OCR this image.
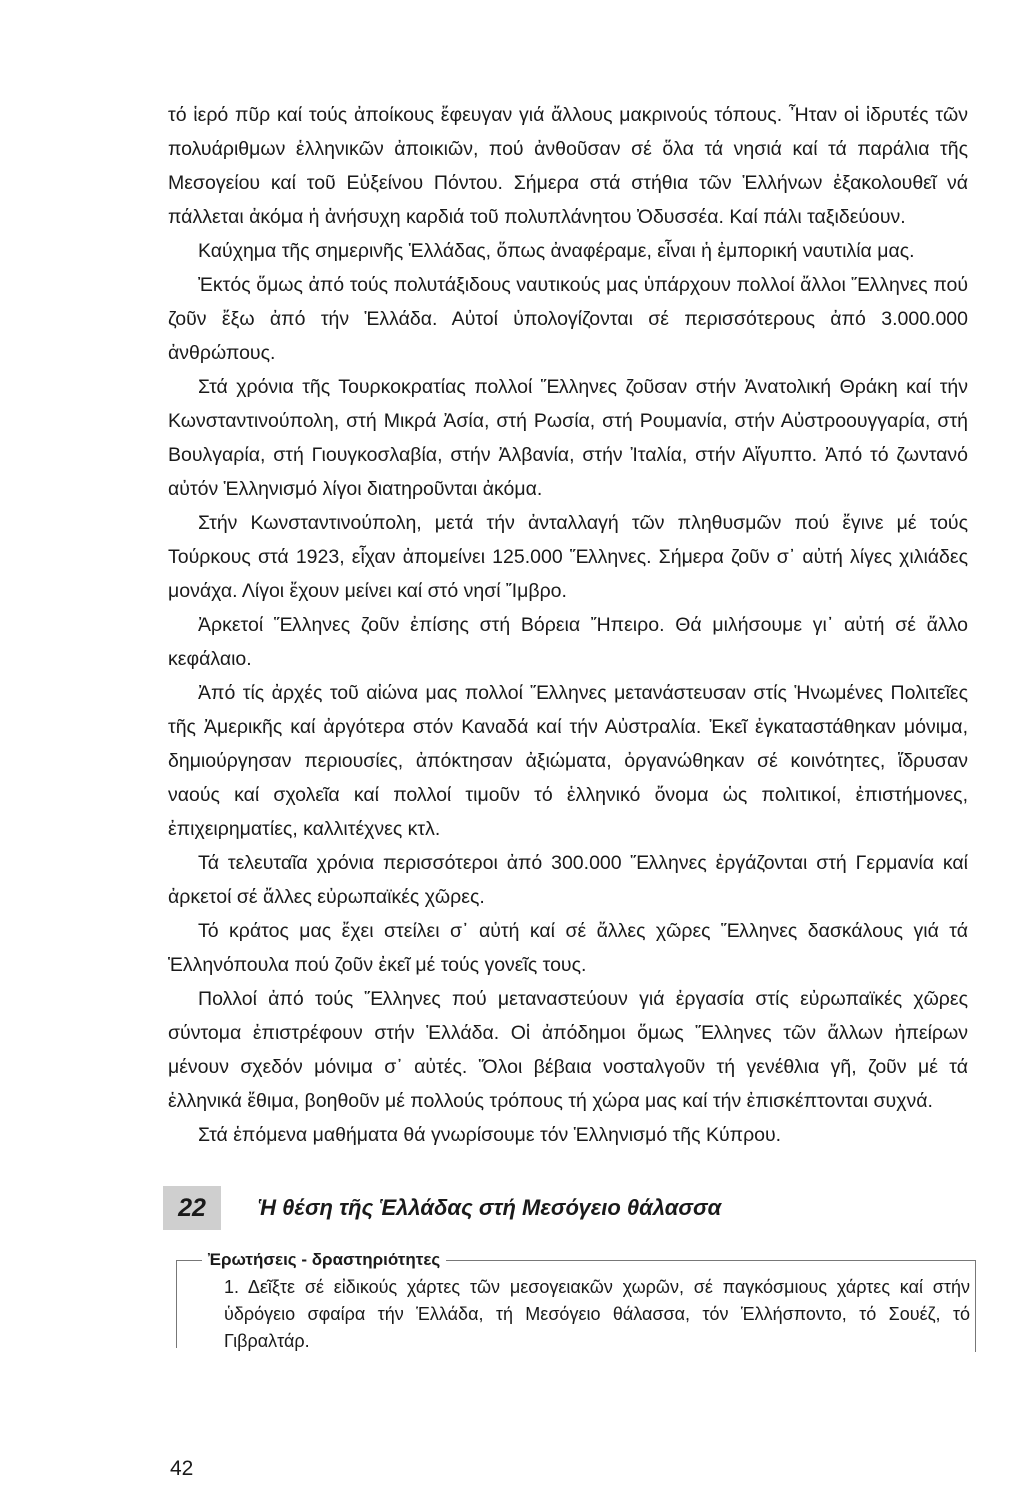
τό ἱερό πῦρ καί τούς ἀποίκους ἔφευγαν γιά ἄλλους μακρινούς τόπους. Ἦταν οἱ ἱδρυτές τῶν πολυάριθμων ἑλληνικῶν ἀποικιῶν, πού ἀνθοῦσαν σέ ὅλα τά νησιά καί τά παράλια τῆς Μεσογείου καί τοῦ Εὐξείνου Πόντου. Σήμερα στά στήθια τῶν Ἑλλήνων ἐξακολουθεῖ νά πάλλεται ἀκόμα ἡ ἀνήσυχη καρδιά τοῦ πολυπλάνητου Ὀδυσσέα. Καί πάλι ταξιδεύουν.

Καύχημα τῆς σημερινῆς Ἑλλάδας, ὅπως ἀναφέραμε, εἶναι ἡ ἐμπορική ναυτιλία μας.

Ἐκτός ὅμως ἀπό τούς πολυτάξιδους ναυτικούς μας ὑπάρχουν πολλοί ἄλλοι Ἕλληνες πού ζοῦν ἔξω ἀπό τήν Ἑλλάδα. Αὐτοί ὑπολογίζονται σέ περισσότερους ἀπό 3.000.000 ἀνθρώπους.

Στά χρόνια τῆς Τουρκοκρατίας πολλοί Ἕλληνες ζοῦσαν στήν Ἀνατολική Θράκη καί τήν Κωνσταντινούπολη, στή Μικρά Ἀσία, στή Ρωσία, στή Ρουμανία, στήν Αὐστροουγγαρία, στή Βουλγαρία, στή Γιουγκοσλαβία, στήν Ἀλβανία, στήν Ἰταλία, στήν Αἴγυπτο. Ἀπό τό ζωντανό αὐτόν Ἑλληνισμό λίγοι διατηροῦνται ἀκόμα.

Στήν Κωνσταντινούπολη, μετά τήν ἀνταλλαγή τῶν πληθυσμῶν πού ἔγινε μέ τούς Τούρκους στά 1923, εἶχαν ἀπομείνει 125.000 Ἕλληνες. Σήμερα ζοῦν σ᾽ αὐτή λίγες χιλιάδες μονάχα. Λίγοι ἔχουν μείνει καί στό νησί Ἴμβρο.

Ἀρκετοί Ἕλληνες ζοῦν ἐπίσης στή Βόρεια Ἤπειρο. Θά μιλήσουμε γι᾽ αὐτή σέ ἄλλο κεφάλαιο.

Ἀπό τίς ἀρχές τοῦ αἰώνα μας πολλοί Ἕλληνες μετανάστευσαν στίς Ἡνωμένες Πολιτεῖες τῆς Ἀμερικῆς καί ἀργότερα στόν Καναδά καί τήν Αὐστραλία. Ἐκεῖ ἐγκαταστάθηκαν μόνιμα, δημιούργησαν περιουσίες, ἀπόκτησαν ἀξιώματα, ὀργανώθηκαν σέ κοινότητες, ἵδρυσαν ναούς καί σχολεῖα καί πολλοί τιμοῦν τό ἑλληνικό ὄνομα ὡς πολιτικοί, ἐπιστήμονες, ἐπιχειρηματίες, καλλιτέχνες κτλ.

Τά τελευταῖα χρόνια περισσότεροι ἀπό 300.000 Ἕλληνες ἐργάζονται στή Γερμανία καί ἀρκετοί σέ ἄλλες εὐρωπαϊκές χῶρες.

Τό κράτος μας ἔχει στείλει σ᾽ αὐτή καί σέ ἄλλες χῶρες Ἕλληνες δασκάλους γιά τά Ἑλληνόπουλα πού ζοῦν ἐκεῖ μέ τούς γονεῖς τους.

Πολλοί ἀπό τούς Ἕλληνες πού μεταναστεύουν γιά ἐργασία στίς εὐρωπαϊκές χῶρες σύντομα ἐπιστρέφουν στήν Ἑλλάδα. Οἱ ἀπόδημοι ὅμως Ἕλληνες τῶν ἄλλων ἠπείρων μένουν σχεδόν μόνιμα σ᾽ αὐτές. Ὅλοι βέβαια νοσταλγοῦν τή γενέθλια γῆ, ζοῦν μέ τά ἑλληνικά ἔθιμα, βοηθοῦν μέ πολλούς τρόπους τή χώρα μας καί τήν ἐπισκέπτονται συχνά.

Στά ἑπόμενα μαθήματα θά γνωρίσουμε τόν Ἑλληνισμό τῆς Κύπρου.

22	Ἡ θέση τῆς Ἑλλάδας στή Μεσόγειο θάλασσα
Ἐρωτήσεις - δραστηριότητες
1. Δεῖξτε σέ εἰδικούς χάρτες τῶν μεσογειακῶν χωρῶν, σέ παγκόσμιους χάρτες καί στήν ὑδρόγειο σφαίρα τήν Ἑλλάδα, τή Μεσόγειο θάλασσα, τόν Ἑλλήσποντο, τό Σουέζ, τό Γιβραλτάρ.
42
